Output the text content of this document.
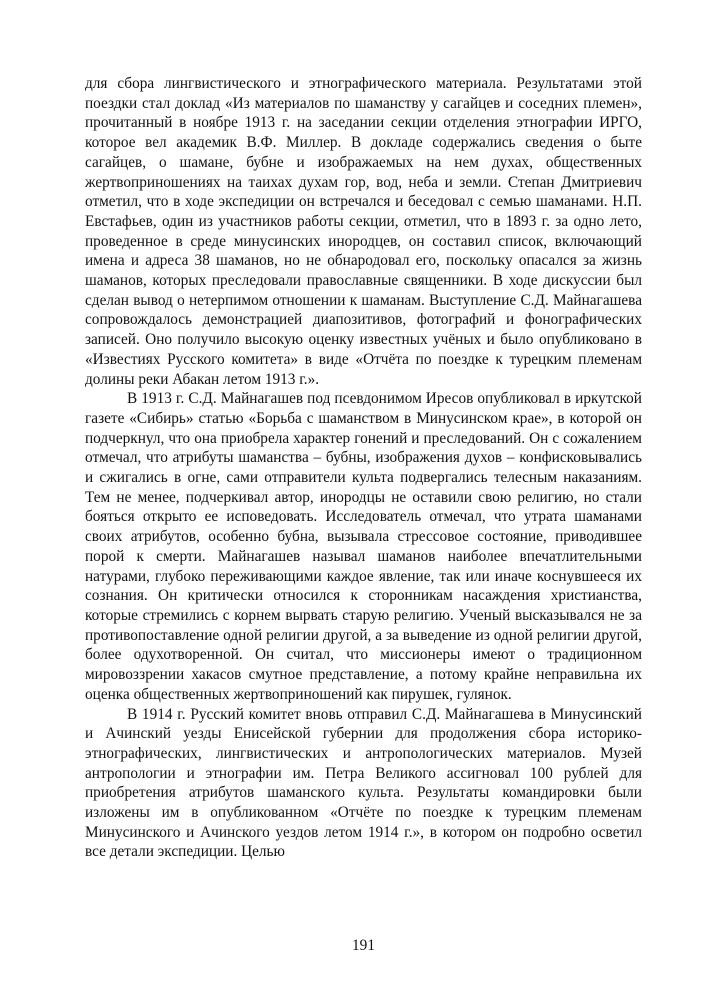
для сбора лингвистического и этнографического материала. Результатами этой поездки стал доклад «Из материалов по шаманству у сагайцев и соседних племен», прочитанный в ноябре 1913 г. на заседании секции отделения этнографии ИРГО, которое вел академик В.Ф. Миллер. В докладе содержались сведения о быте сагайцев, о шамане, бубне и изображаемых на нем духах, общественных жертвоприношениях на таихах духам гор, вод, неба и земли. Степан Дмитриевич отметил, что в ходе экспедиции он встречался и беседовал с семью шаманами. Н.П. Евстафьев, один из участников работы секции, отметил, что в 1893 г. за одно лето, проведенное в среде минусинских инородцев, он составил список, включающий имена и адреса 38 шаманов, но не обнародовал его, поскольку опасался за жизнь шаманов, которых преследовали православные священники. В ходе дискуссии был сделан вывод о нетерпимом отношении к шаманам. Выступление С.Д. Майнагашева сопровождалось демонстрацией диапозитивов, фотографий и фонографических записей. Оно получило высокую оценку известных учёных и было опубликовано в «Известиях Русского комитета» в виде «Отчёта по поездке к турецким племенам долины реки Абакан летом 1913 г.».

В 1913 г. С.Д. Майнагашев под псевдонимом Иресов опубликовал в иркутской газете «Сибирь» статью «Борьба с шаманством в Минусинском крае», в которой он подчеркнул, что она приобрела характер гонений и преследований. Он с сожалением отмечал, что атрибуты шаманства – бубны, изображения духов – конфисковывались и сжигались в огне, сами отправители культа подвергались телесным наказаниям. Тем не менее, подчеркивал автор, инородцы не оставили свою религию, но стали бояться открыто ее исповедовать. Исследователь отмечал, что утрата шаманами своих атрибутов, особенно бубна, вызывала стрессовое состояние, приводившее порой к смерти. Майнагашев называл шаманов наиболее впечатлительными натурами, глубоко переживающими каждое явление, так или иначе коснувшееся их сознания. Он критически относился к сторонникам насаждения христианства, которые стремились с корнем вырвать старую религию. Ученый высказывался не за противопоставление одной религии другой, а за выведение из одной религии другой, более одухотворенной. Он считал, что миссионеры имеют о традиционном мировоззрении хакасов смутное представление, а потому крайне неправильна их оценка общественных жертвоприношений как пирушек, гулянок.

В 1914 г. Русский комитет вновь отправил С.Д. Майнагашева в Минусинский и Ачинский уезды Енисейской губернии для продолжения сбора историко-этнографических, лингвистических и антропологических материалов. Музей антропологии и этнографии им. Петра Великого ассигновал 100 рублей для приобретения атрибутов шаманского культа. Результаты командировки были изложены им в опубликованном «Отчёте по поездке к турецким племенам Минусинского и Ачинского уездов летом 1914 г.», в котором он подробно осветил все детали экспедиции. Целью

191
